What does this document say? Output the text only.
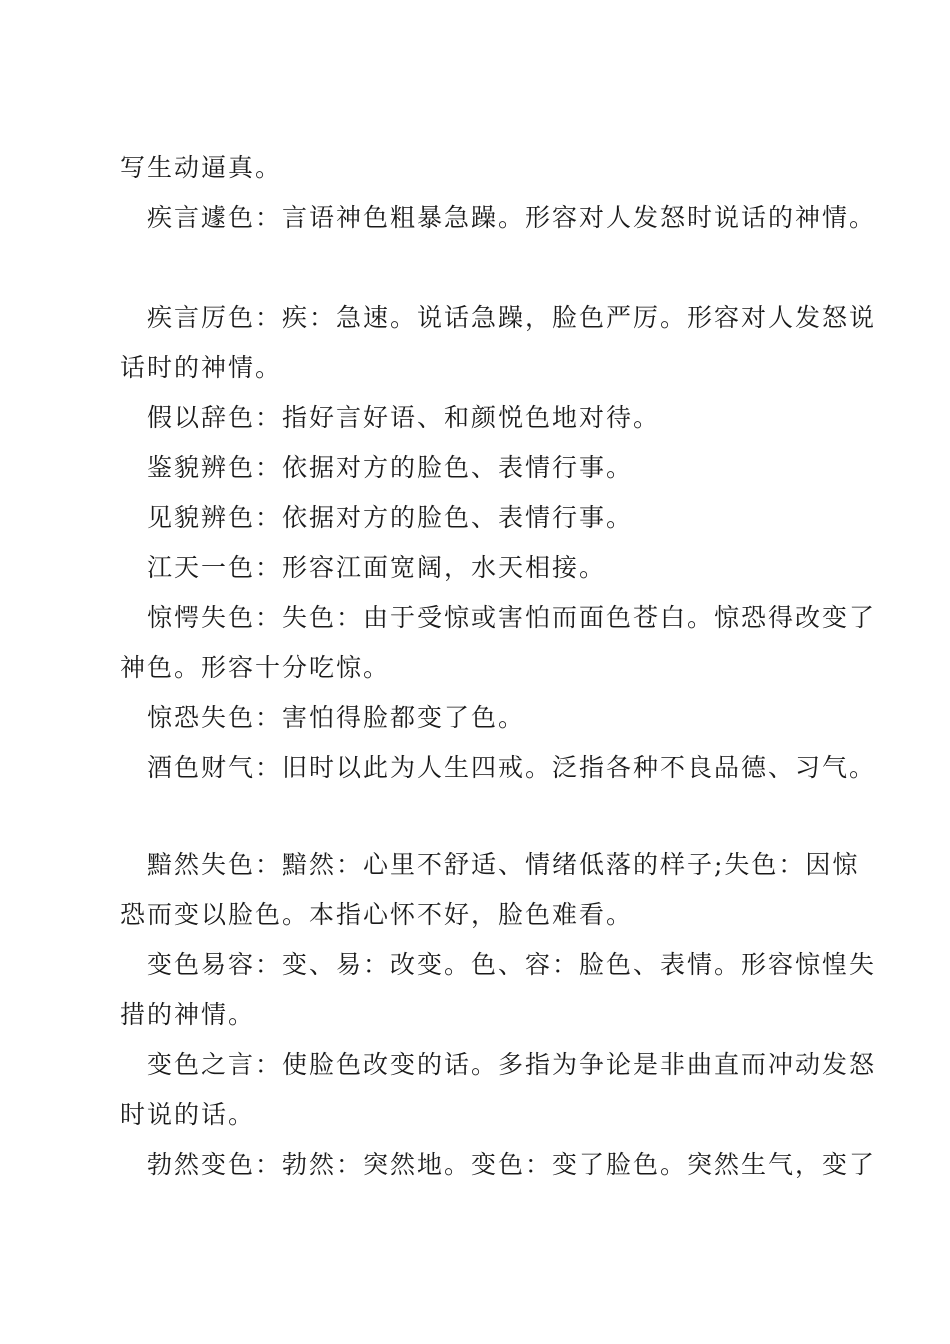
写生动逼真。
疾言遽色：言语神色粗暴急躁。形容对人发怒时说话的神情。
疾言厉色：疾：急速。说话急躁，脸色严厉。形容对人发怒说
话时的神情。
假以辞色：指好言好语、和颜悦色地对待。
鉴貌辨色：依据对方的脸色、表情行事。
见貌辨色：依据对方的脸色、表情行事。
江天一色：形容江面宽阔，水天相接。
惊愕失色：失色：由于受惊或害怕而面色苍白。惊恐得改变了
神色。形容十分吃惊。
惊恐失色：害怕得脸都变了色。
酒色财气：旧时以此为人生四戒。泛指各种不良品德、习气。
黯然失色：黯然：心里不舒适、情绪低落的样子;失色：因惊
恐而变以脸色。本指心怀不好，脸色难看。
变色易容：变、易：改变。色、容：脸色、表情。形容惊惶失
措的神情。
变色之言：使脸色改变的话。多指为争论是非曲直而冲动发怒
时说的话。
勃然变色：勃然：突然地。变色：变了脸色。突然生气，变了
